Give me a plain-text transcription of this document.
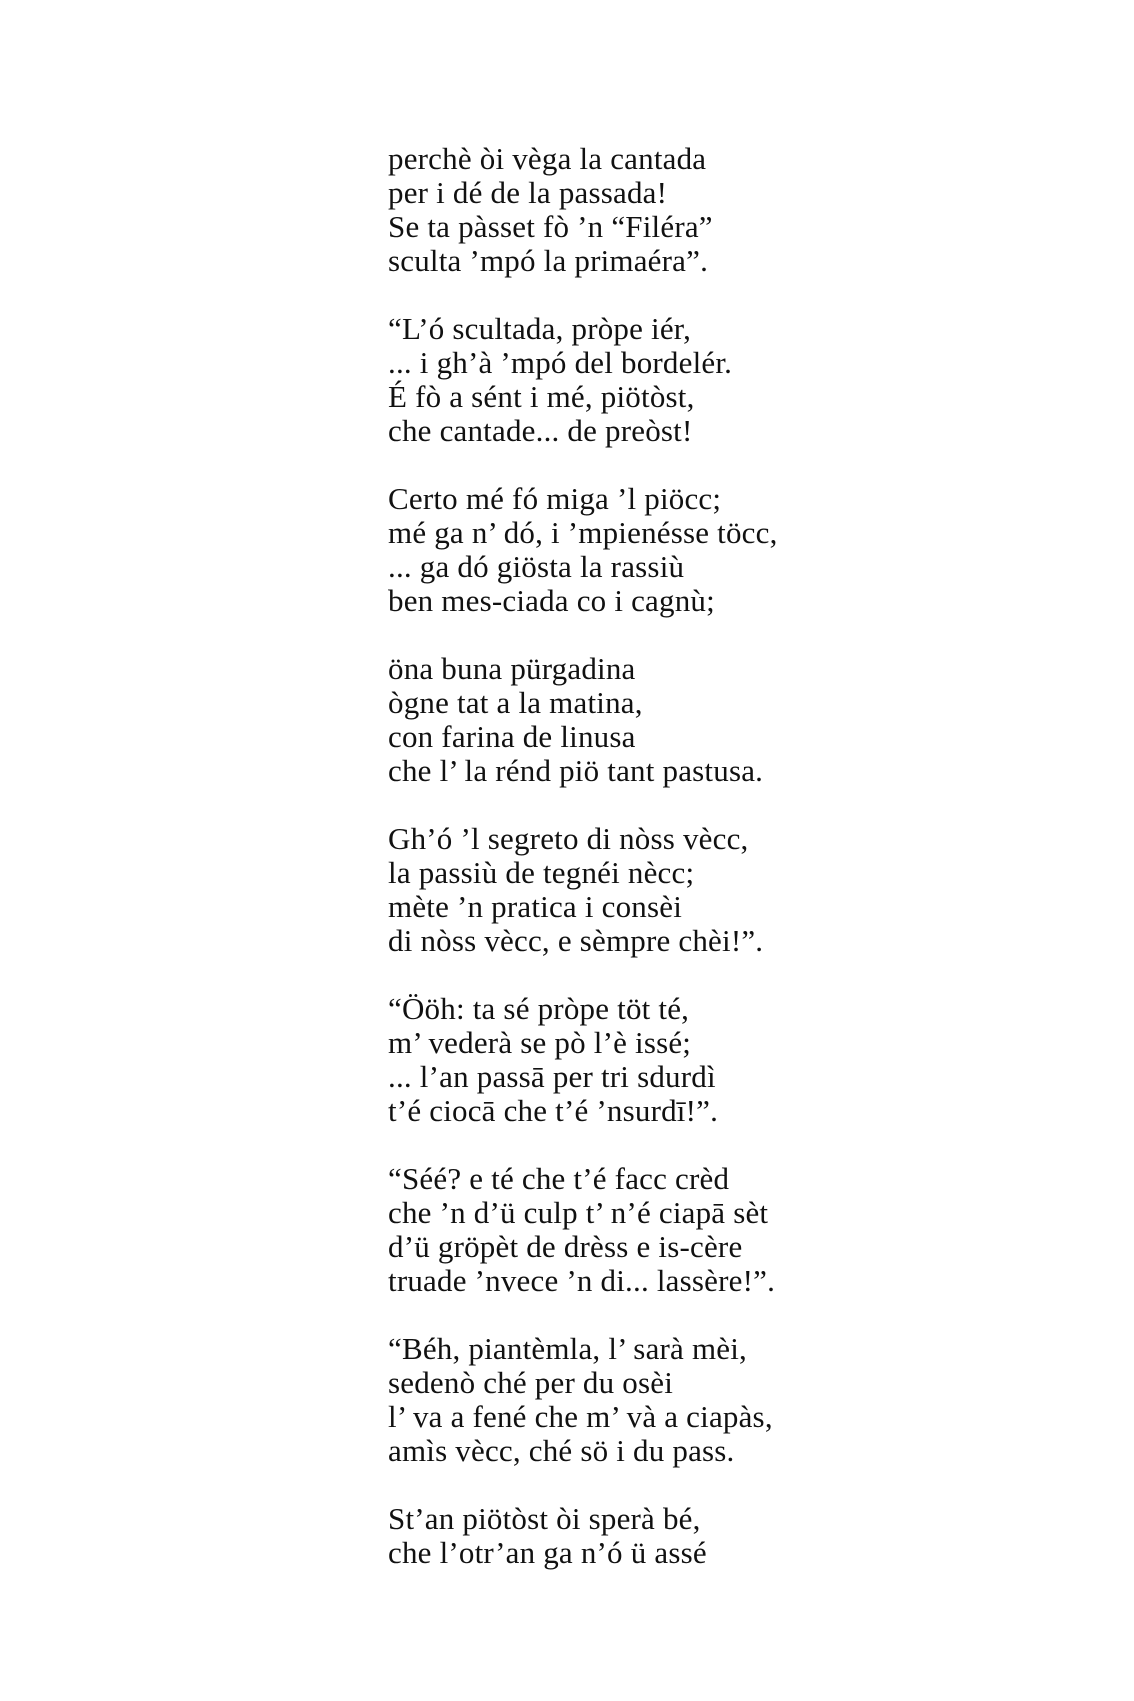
perchè òi vèga la cantada
per i dé de la passada!
Se ta pàsset fò ’n “Filéra”
sculta ’mpó la primaéra”.
“L’ó scultada, pròpe iér,
... i gh’à ’mpó del bordelér.
É fò a sént i mé, piötòst,
che cantade... de preòst!
Certo mé fó miga ’l piöcc;
mé ga n’ dó, i ’mpienésse töcc,
... ga dó giösta la rassiù
ben mes-ciada co i cagnù;
öna buna pürgadina
ògne tat a la matina,
con farina de linusa
che l’ la rénd piö tant pastusa.
Gh’ó ’l segreto di nòss vècc,
la passiù de tegnéi nècc;
mète ’n pratica i consèi
di nòss vècc, e sèmpre chèi!”.
“Ööh: ta sé pròpe töt té,
m’ vederà se pò l’è issé;
... l’an passā per tri sdurdì
t’é ciocā che t’é ’nsurdī!”.
“Séé? e té che t’é facc crèd
che ’n d’ü culp t’ n’é ciapā sèt
d’ü gröpèt de drèss e is-cère
truade ’nvece ’n di... lassère!”.
“Béh, piantèmla, l’ sarà mèi,
sedenò ché per du osèi
l’ va a fené che m’ và a ciapàs,
amìs vècc, ché sö i du pass.
St’an piötòst òi sperà bé,
che l’otr’an ga n’ó ü assé
